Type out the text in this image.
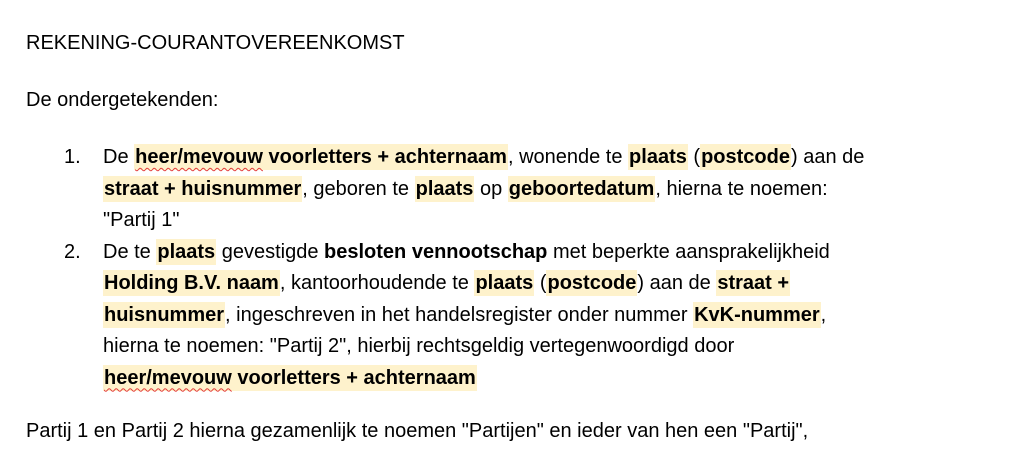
REKENING-COURANTOVEREENKOMST
De ondergetekenden:
1. De heer/mevouw voorletters + achternaam, wonende te plaats (postcode) aan de
straat + huisnummer, geboren te plaats op geboortedatum, hierna te noemen:
"Partij 1"
2. De te plaats gevestigde besloten vennootschap met beperkte aansprakelijkheid
Holding B.V. naam, kantoorhoudende te plaats (postcode) aan de straat +
huisnummer, ingeschreven in het handelsregister onder nummer KvK-nummer,
hierna te noemen: "Partij 2", hierbij rechtsgeldig vertegenwoordigd door
heer/mevouw voorletters + achternaam
Partij 1 en Partij 2 hierna gezamenlijk te noemen "Partijen" en ieder van hen een "Partij",
